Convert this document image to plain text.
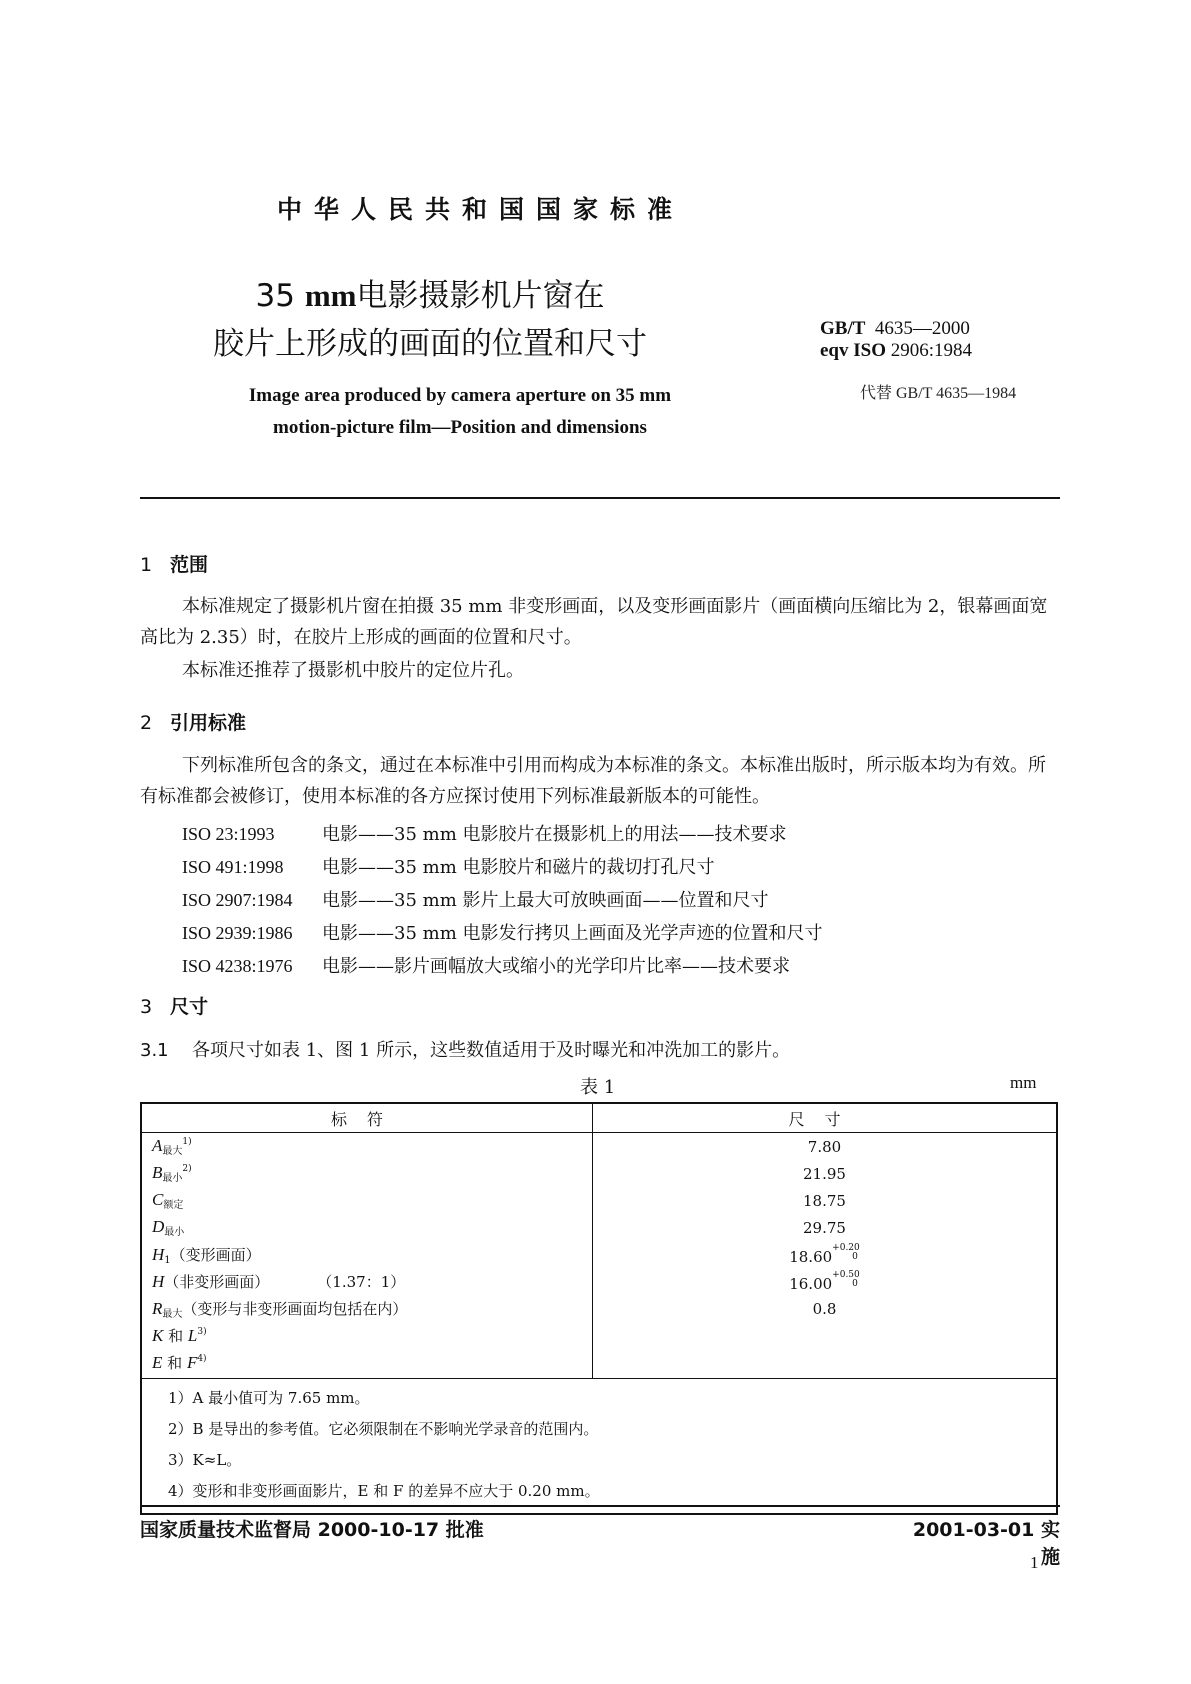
中华人民共和国国家标准
35 mm电影摄影机片窗在
胶片上形成的画面的位置和尺寸	GB/T 4635—2000
eqv ISO 2906:1984
代替 GB/T 4635—1984
Image area produced by camera aperture on 35 mm
motion-picture film—Position and dimensions
1 范围
本标准规定了摄影机片窗在拍摄 35 mm 非变形画面，以及变形画面影片（画面横向压缩比为 2，银幕画面宽高比为 2.35）时，在胶片上形成的画面的位置和尺寸。
本标准还推荐了摄影机中胶片的定位片孔。
2 引用标准
下列标准所包含的条文，通过在本标准中引用而构成为本标准的条文。本标准出版时，所示版本均为有效。所有标准都会被修订，使用本标准的各方应探讨使用下列标准最新版本的可能性。
ISO 23:1993	电影——35 mm 电影胶片在摄影机上的用法——技术要求
ISO 491:1998 电影——35 mm 电影胶片和磁片的裁切打孔尺寸
ISO 2907:1984 电影——35 mm 影片上最大可放映画面——位置和尺寸
ISO 2939:1986 电影——35 mm 电影发行拷贝上画面及光学声迹的位置和尺寸
ISO 4238:1976 电影——影片画幅放大或缩小的光学印片比率——技术要求
3 尺寸
3.1 各项尺寸如表 1、图 1 所示，这些数值适用于及时曝光和冲洗加工的影片。
表 1	mm
标符	尺寸
$A_{最大}^{1)}$	7.80
$B_{最小}^{2)}$	21.95
$C_{额定}$	18.75
$D_{最小}$	29.75
$H_1$（变形画面）	18.60+0.20
0
H（非变形画面） （1.37：1）	16.00+0.50
0
$R_{最大}$（变形与非变形画面均包括在内）	0.8
K 和 $L^{3)}$	
E 和 $F^{4)}$	

1）A 最小值可为 7.65 mm。
2）B 是导出的参考值。它必须限制在不影响光学录音的范围内。
3）K≈L。
4）变形和非变形画面影片，E 和 F 的差异不应大于 0.20 mm。	
国家质量技术监督局 2000-10-17 批准	2001-03-01 实施
1
